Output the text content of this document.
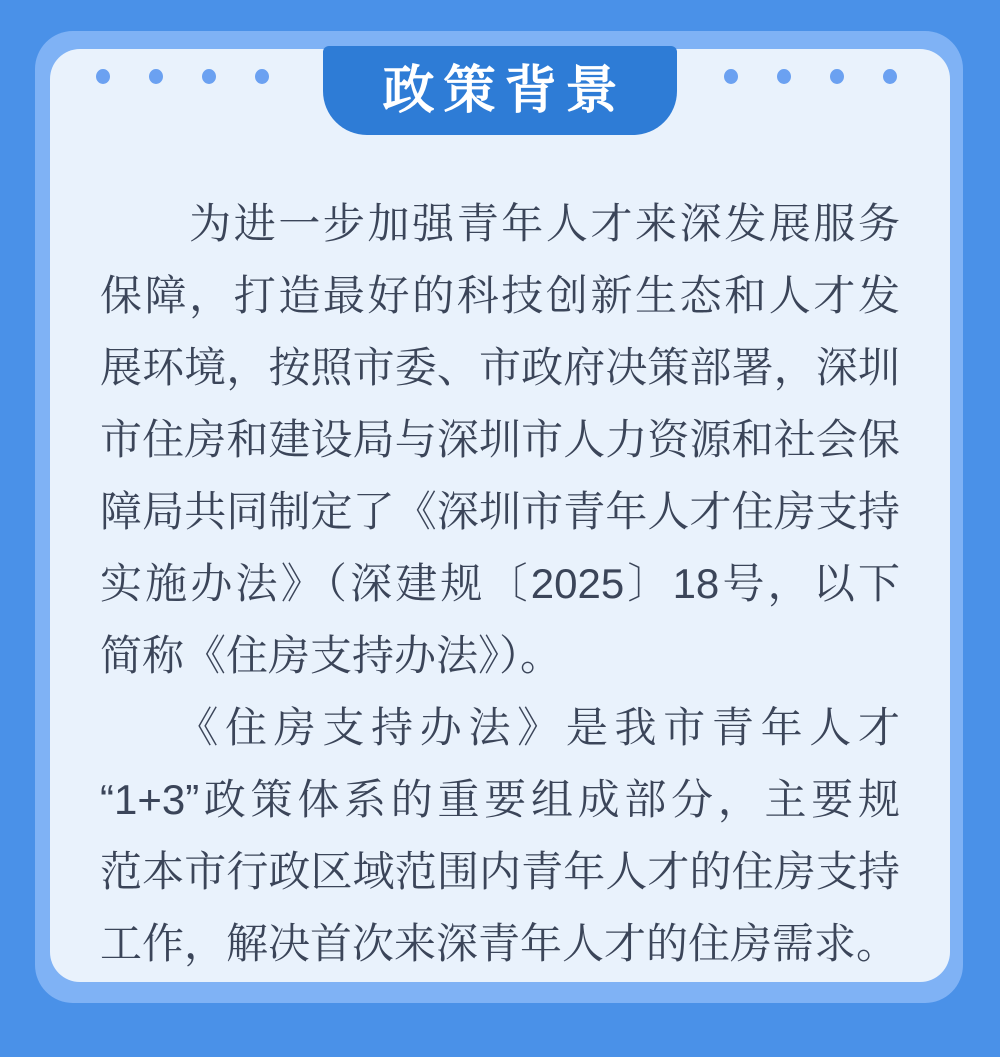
政策背景
　　为进一步加强青年人才来深发展服务
保障，打造最好的科技创新生态和人才发
展环境，按照市委、市政府决策部署，深圳
市住房和建设局与深圳市人力资源和社会保
障局共同制定了《深圳市青年人才住房支持
实施办法》（深建规〔2025〕18号，以下
简称《住房支持办法》）。
　　《住房支持办法》是我市青年人才
“1+3”政策体系的重要组成部分，主要规
范本市行政区域范围内青年人才的住房支持
工作，解决首次来深青年人才的住房需求。
